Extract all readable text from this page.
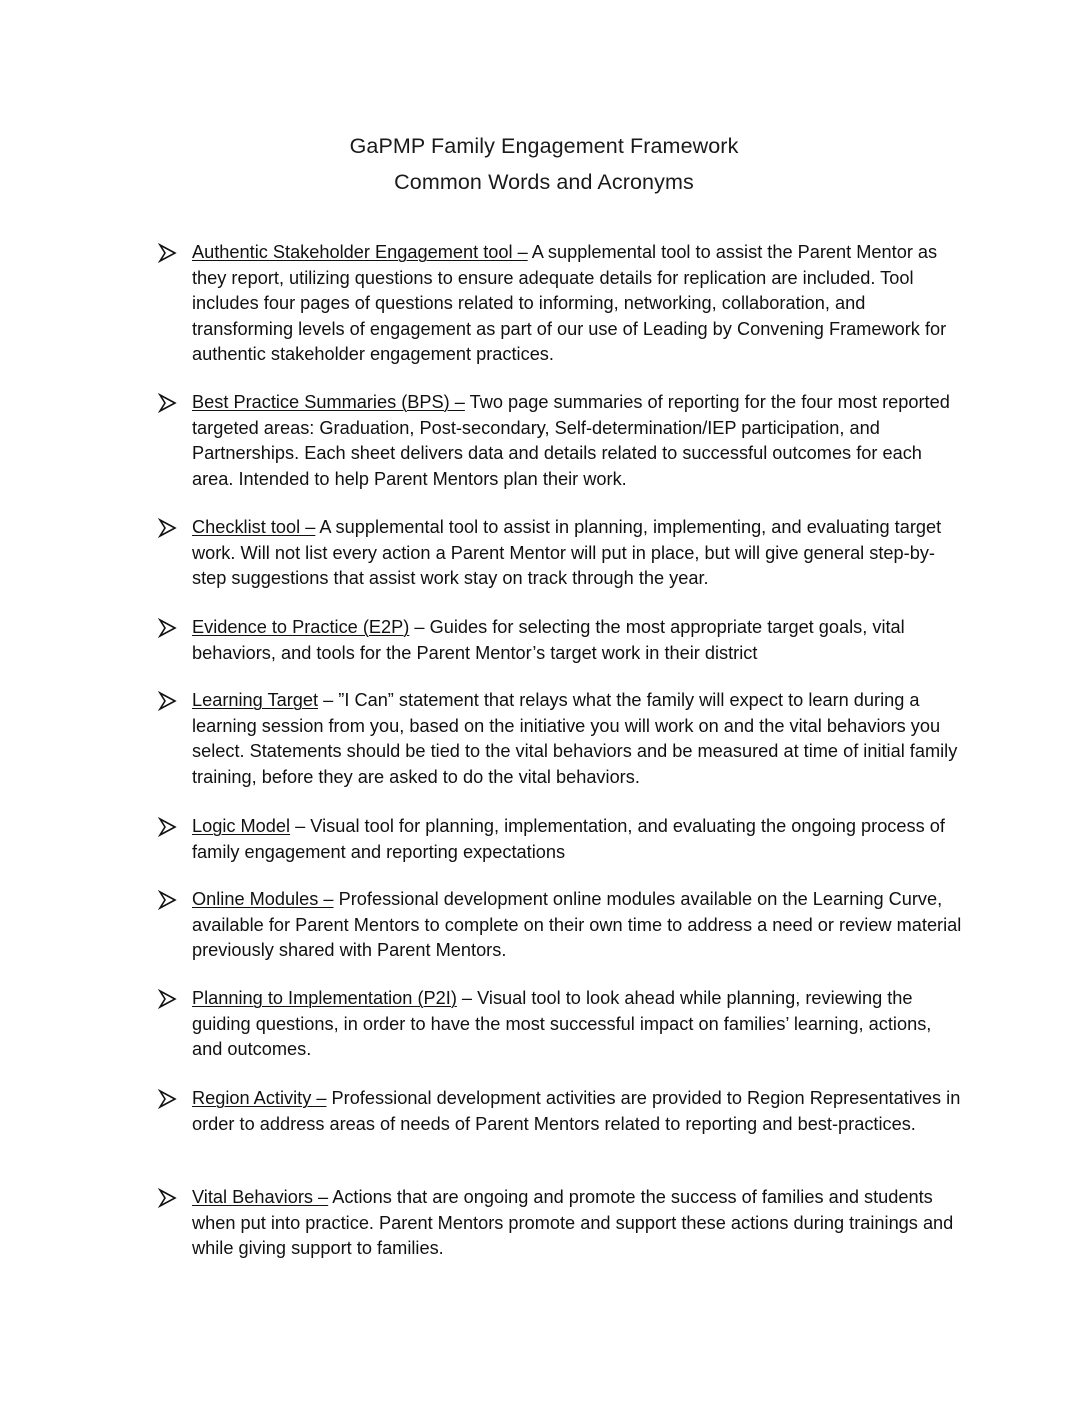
GaPMP Family Engagement Framework
Common Words and Acronyms
Authentic Stakeholder Engagement tool – A supplemental tool to assist the Parent Mentor as they report, utilizing questions to ensure adequate details for replication are included. Tool includes four pages of questions related to informing, networking, collaboration, and transforming levels of engagement as part of our use of Leading by Convening Framework for authentic stakeholder engagement practices.
Best Practice Summaries (BPS) – Two page summaries of reporting for the four most reported targeted areas: Graduation, Post-secondary, Self-determination/IEP participation, and Partnerships. Each sheet delivers data and details related to successful outcomes for each area. Intended to help Parent Mentors plan their work.
Checklist tool – A supplemental tool to assist in planning, implementing, and evaluating target work. Will not list every action a Parent Mentor will put in place, but will give general step-by-step suggestions that assist work stay on track through the year.
Evidence to Practice (E2P) – Guides for selecting the most appropriate target goals, vital behaviors, and tools for the Parent Mentor’s target work in their district
Learning Target – ”I Can” statement that relays what the family will expect to learn during a learning session from you, based on the initiative you will work on and the vital behaviors you select. Statements should be tied to the vital behaviors and be measured at time of initial family training, before they are asked to do the vital behaviors.
Logic Model – Visual tool for planning, implementation, and evaluating the ongoing process of family engagement and reporting expectations
Online Modules – Professional development online modules available on the Learning Curve, available for Parent Mentors to complete on their own time to address a need or review material previously shared with Parent Mentors.
Planning to Implementation (P2I) – Visual tool to look ahead while planning, reviewing the guiding questions, in order to have the most successful impact on families’ learning, actions, and outcomes.
Region Activity – Professional development activities are provided to Region Representatives in order to address areas of needs of Parent Mentors related to reporting and best-practices.
Vital Behaviors – Actions that are ongoing and promote the success of families and students when put into practice. Parent Mentors promote and support these actions during trainings and while giving support to families.
